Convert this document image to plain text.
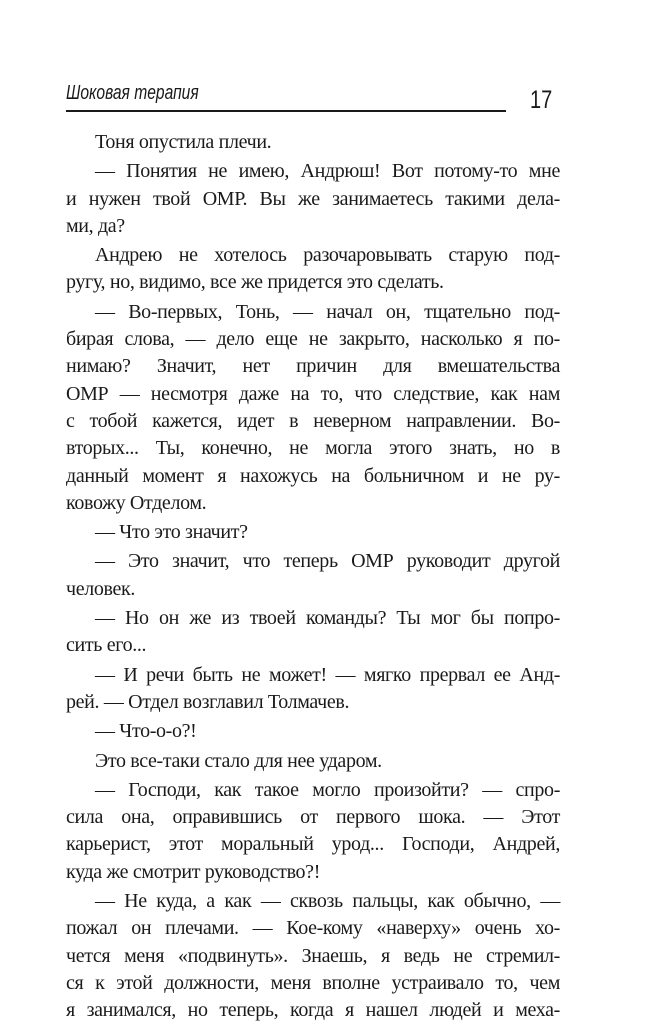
Шоковая терапия	17
Тоня опустила плечи.
— Понятия не имею, Андрюш! Вот потому-то мне
и нужен твой ОМР. Вы же занимаетесь такими дела-
ми, да?
Андрею не хотелось разочаровывать старую под-
ругу, но, видимо, все же придется это сделать.
— Во-первых, Тонь, — начал он, тщательно под-
бирая слова, — дело еще не закрыто, насколько я по-
нимаю? Значит, нет причин для вмешательства
ОМР — несмотря даже на то, что следствие, как нам
с тобой кажется, идет в неверном направлении. Во-
вторых... Ты, конечно, не могла этого знать, но в
данный момент я нахожусь на больничном и не ру-
ковожу Отделом.
— Что это значит?
— Это значит, что теперь ОМР руководит другой
человек.
— Но он же из твоей команды? Ты мог бы попро-
сить его...
— И речи быть не может! — мягко прервал ее Анд-
рей. — Отдел возглавил Толмачев.
— Что-о-о?!
Это все-таки стало для нее ударом.
— Господи, как такое могло произойти? — спро-
сила она, оправившись от первого шока. — Этот
карьерист, этот моральный урод... Господи, Андрей,
куда же смотрит руководство?!
— Не куда, а как — сквозь пальцы, как обычно, —
пожал он плечами. — Кое-кому «наверху» очень хо-
чется меня «подвинуть». Знаешь, я ведь не стремил-
ся к этой должности, меня вполне устраивало то, чем
я занимался, но теперь, когда я нашел людей и меха-
